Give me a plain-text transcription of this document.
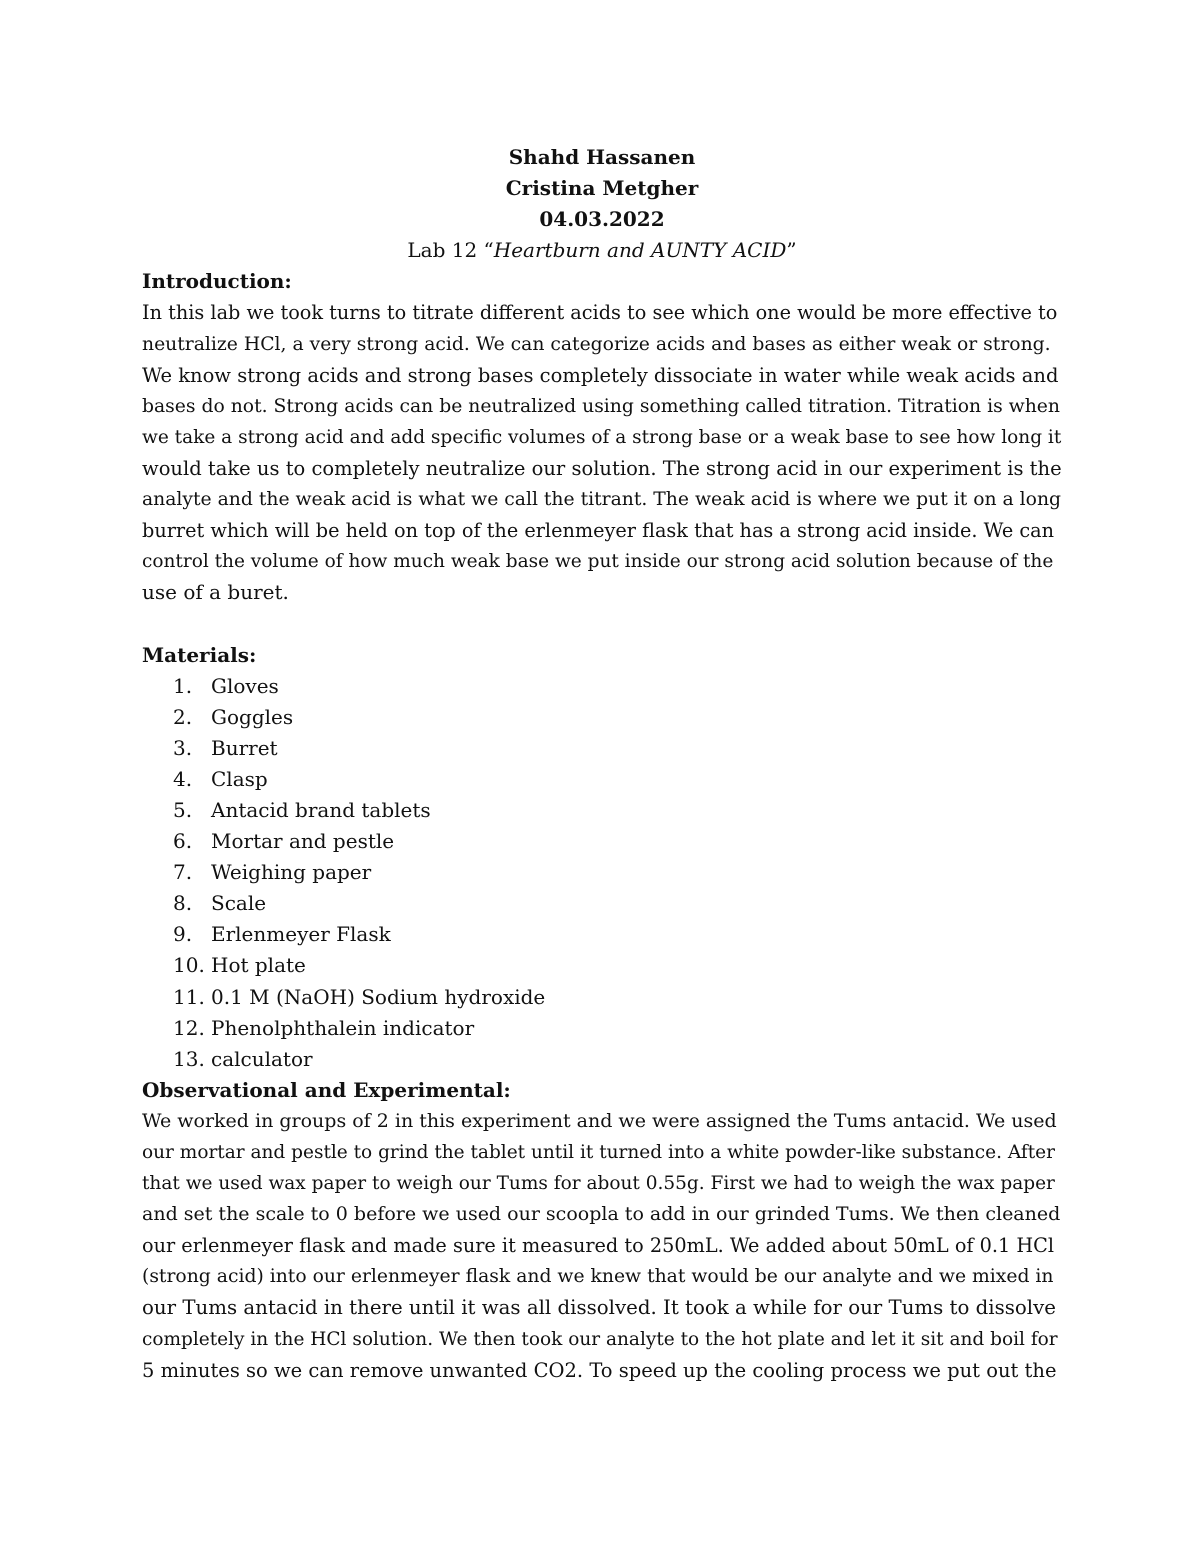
Shahd Hassanen
Cristina Metgher
04.03.2022

Lab 12 “Heartburn and AUNTY ACID”

Introduction:

In this lab we took turns to titrate different acids to see which one would be more effective to
neutralize HCl, a very strong acid. We can categorize acids and bases as either weak or strong.
We know strong acids and strong bases completely dissociate in water while weak acids and
bases do not. Strong acids can be neutralized using something called titration. Titration is when
we take a strong acid and add specific volumes of a strong base or a weak base to see how long it
would take us to completely neutralize our solution. The strong acid in our experiment is the
analyte and the weak acid is what we call the titrant. The weak acid is where we put it on a long
burret which will be held on top of the erlenmeyer flask that has a strong acid inside. We can
control the volume of how much weak base we put inside our strong acid solution because of the
use of a buret.

Materials:

1. Gloves
2. Goggles
3. Burret
4. Clasp
5. Antacid brand tablets
6. Mortar and pestle
7. Weighing paper
8. Scale
9. Erlenmeyer Flask
10. Hot plate
11. 0.1 M (NaOH) Sodium hydroxide
12. Phenolphthalein indicator
13. calculator

Observational and Experimental:

We worked in groups of 2 in this experiment and we were assigned the Tums antacid. We used
our mortar and pestle to grind the tablet until it turned into a white powder-like substance. After
that we used wax paper to weigh our Tums for about 0.55g. First we had to weigh the wax paper
and set the scale to 0 before we used our scoopla to add in our grinded Tums. We then cleaned
our erlenmeyer flask and made sure it measured to 250mL. We added about 50mL of 0.1 HCl
(strong acid) into our erlenmeyer flask and we knew that would be our analyte and we mixed in
our Tums antacid in there until it was all dissolved. It took a while for our Tums to dissolve
completely in the HCl solution. We then took our analyte to the hot plate and let it sit and boil for
5 minutes so we can remove unwanted CO2. To speed up the cooling process we put out the
